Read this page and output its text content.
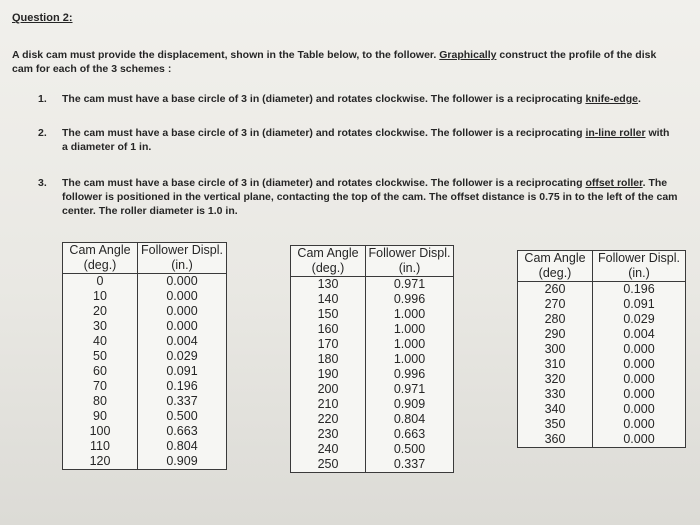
Question 2:
A disk cam must provide the displacement, shown in the Table below, to the follower. Graphically construct the profile of the disk cam for each of the 3 schemes :
1. The cam must have a base circle of 3 in (diameter) and rotates clockwise. The follower is a reciprocating knife-edge.
2. The cam must have a base circle of 3 in (diameter) and rotates clockwise. The follower is a reciprocating in-line roller with a diameter of 1 in.
3. The cam must have a base circle of 3 in (diameter) and rotates clockwise. The follower is a reciprocating offset roller. The follower is positioned in the vertical plane, contacting the top of the cam. The offset distance is 0.75 in to the left of the cam center. The roller diameter is 1.0 in.
Cam Angle	Follower Displ.
(deg.)	(in.)
0	0.000
10	0.000
20	0.000
30	0.000
40	0.004
50	0.029
60	0.091
70	0.196
80	0.337
90	0.500
100	0.663
110	0.804
120	0.909
Cam Angle	Follower Displ.
(deg.)	(in.)
130	0.971
140	0.996
150	1.000
160	1.000
170	1.000
180	1.000
190	0.996
200	0.971
210	0.909
220	0.804
230	0.663
240	0.500
250	0.337
Cam Angle	Follower Displ.
(deg.)	(in.)
260	0.196
270	0.091
280	0.029
290	0.004
300	0.000
310	0.000
320	0.000
330	0.000
340	0.000
350	0.000
360	0.000
